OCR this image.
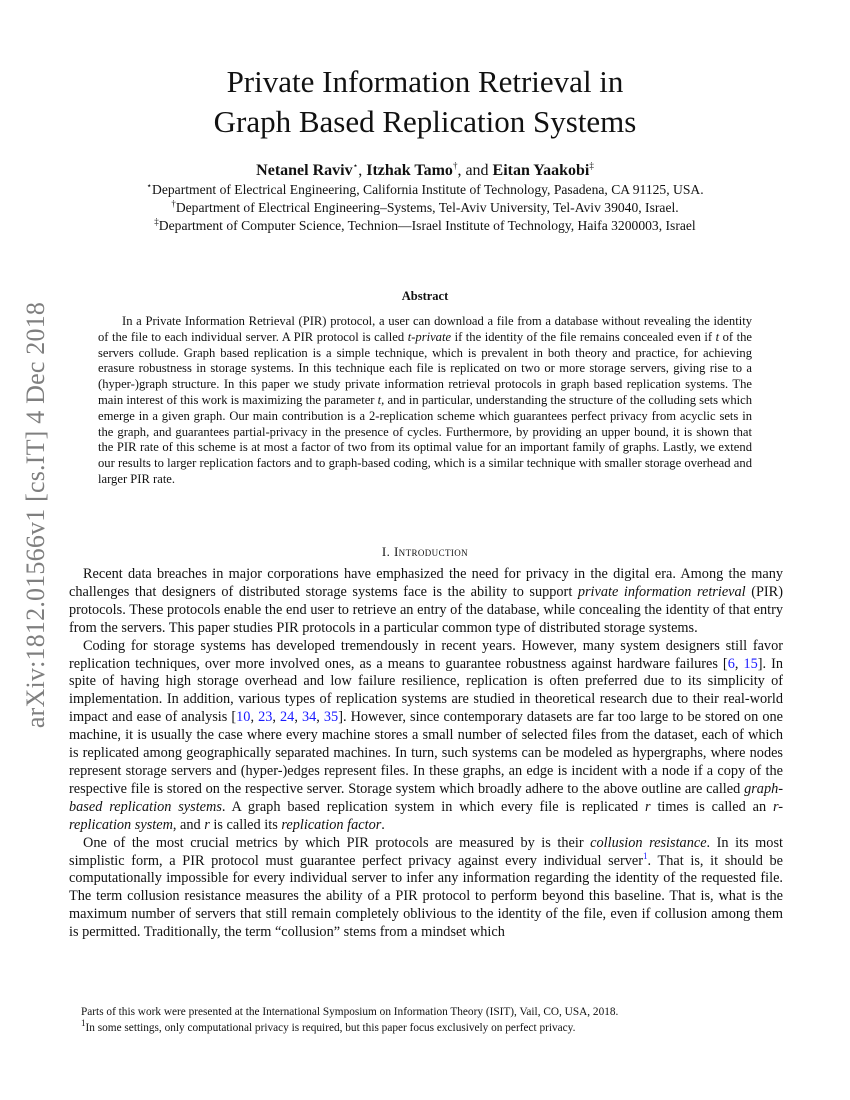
arXiv:1812.01566v1 [cs.IT] 4 Dec 2018
Private Information Retrieval in
Graph Based Replication Systems
Netanel Raviv⋆, Itzhak Tamo†, and Eitan Yaakobi‡
⋆Department of Electrical Engineering, California Institute of Technology, Pasadena, CA 91125, USA.
†Department of Electrical Engineering–Systems, Tel-Aviv University, Tel-Aviv 39040, Israel.
‡Department of Computer Science, Technion—Israel Institute of Technology, Haifa 3200003, Israel
Abstract

In a Private Information Retrieval (PIR) protocol, a user can download a file from a database without revealing the identity of the file to each individual server. A PIR protocol is called t-private if the identity of the file remains concealed even if t of the servers collude. Graph based replication is a simple technique, which is prevalent in both theory and practice, for achieving erasure robustness in storage systems. In this technique each file is replicated on two or more storage servers, giving rise to a (hyper-)graph structure. In this paper we study private information retrieval protocols in graph based replication systems. The main interest of this work is maximizing the parameter t, and in particular, understanding the structure of the colluding sets which emerge in a given graph. Our main contribution is a 2-replication scheme which guarantees perfect privacy from acyclic sets in the graph, and guarantees partial-privacy in the presence of cycles. Furthermore, by providing an upper bound, it is shown that the PIR rate of this scheme is at most a factor of two from its optimal value for an important family of graphs. Lastly, we extend our results to larger replication factors and to graph-based coding, which is a similar technique with smaller storage overhead and larger PIR rate.

I. Introduction

Recent data breaches in major corporations have emphasized the need for privacy in the digital era. Among the many challenges that designers of distributed storage systems face is the ability to support private information retrieval (PIR) protocols. These protocols enable the end user to retrieve an entry of the database, while concealing the identity of that entry from the servers. This paper studies PIR protocols in a particular common type of distributed storage systems.

Coding for storage systems has developed tremendously in recent years. However, many system designers still favor replication techniques, over more involved ones, as a means to guarantee robustness against hardware failures [6, 15]. In spite of having high storage overhead and low failure resilience, replication is often preferred due to its simplicity of implementation. In addition, various types of replication systems are studied in theoretical research due to their real-world impact and ease of analysis [10, 23, 24, 34, 35]. However, since contemporary datasets are far too large to be stored on one machine, it is usually the case where every machine stores a small number of selected files from the dataset, each of which is replicated among geographically separated machines. In turn, such systems can be modeled as hypergraphs, where nodes represent storage servers and (hyper-)edges represent files. In these graphs, an edge is incident with a node if a copy of the respective file is stored on the respective server. Storage system which broadly adhere to the above outline are called graph-based replication systems. A graph based replication system in which every file is replicated r times is called an r-replication system, and r is called its replication factor.

One of the most crucial metrics by which PIR protocols are measured by is their collusion resistance. In its most simplistic form, a PIR protocol must guarantee perfect privacy against every individual server$^1$. That is, it should be computationally impossible for every individual server to infer any information regarding the identity of the requested file. The term collusion resistance measures the ability of a PIR protocol to perform beyond this baseline. That is, what is the maximum number of servers that still remain completely oblivious to the identity of the file, even if collusion among them is permitted. Traditionally, the term “collusion” stems from a mindset which

Parts of this work were presented at the International Symposium on Information Theory (ISIT), Vail, CO, USA, 2018.
$^1$In some settings, only computational privacy is required, but this paper focus exclusively on perfect privacy.
